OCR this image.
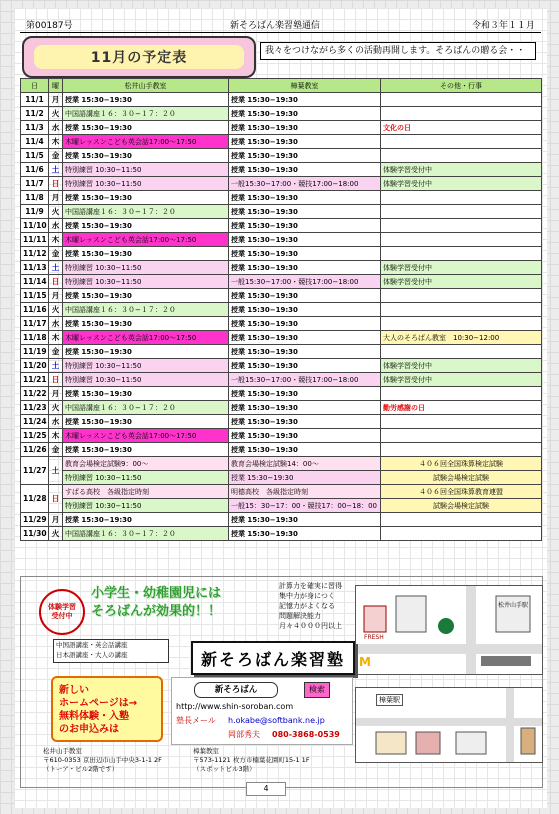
第00187号	新そろばん楽習塾通信	令和３年１１月
11月の予定表	我々をつけながら多くの活動再開します。そろばんの贈る会・・
日	曜	松井山手教室	樟葉教室	その他・行事
11/1	月	授業 15:30−19:30	授業 15:30−19:30	
11/2	火	中国語講座１６：３０−１７：２０	授業 15:30−19:30	
11/3	水	授業 15:30−19:30	授業 15:30−19:30	文化の日
11/4	木	木曜レッスンこども英会話17:00〜17:50	授業 15:30−19:30	
11/5	金	授業 15:30−19:30	授業 15:30−19:30	
11/6	土	特別練習 10:30−11:50	授業 15:30−19:30	体験学習受付中
11/7	日	特別練習 10:30−11:50	一般15:30−17:00・競技17:00−18:00	体験学習受付中
11/8	月	授業 15:30−19:30	授業 15:30−19:30	
11/9	火	中国語講座１６：３０−１７：２０	授業 15:30−19:30	
11/10	水	授業 15:30−19:30	授業 15:30−19:30	
11/11	木	木曜レッスンこども英会話17:00〜17:50	授業 15:30−19:30	
11/12	金	授業 15:30−19:30	授業 15:30−19:30	
11/13	土	特別練習 10:30−11:50	授業 15:30−19:30	体験学習受付中
11/14	日	特別練習 10:30−11:50	一般15:30−17:00・競技17:00−18:00	体験学習受付中
11/15	月	授業 15:30−19:30	授業 15:30−19:30	
11/16	火	中国語講座１６：３０−１７：２０	授業 15:30−19:30	
11/17	水	授業 15:30−19:30	授業 15:30−19:30	
11/18	木	木曜レッスンこども英会話17:00〜17:50	授業 15:30−19:30	大人のそろばん教室　10:30−12:00
11/19	金	授業 15:30−19:30	授業 15:30−19:30	
11/20	土	特別練習 10:30−11:50	授業 15:30−19:30	体験学習受付中
11/21	日	特別練習 10:30−11:50	一般15:30−17:00・競技17:00−18:00	体験学習受付中
11/22	月	授業 15:30−19:30	授業 15:30−19:30	
11/23	火	中国語講座１６：３０−１７：２０	授業 15:30−19:30	勤労感謝の日
11/24	水	授業 15:30−19:30	授業 15:30−19:30	
11/25	木	木曜レッスンこども英会話17:00〜17:50	授業 15:30−19:30	
11/26	金	授業 15:30−19:30	授業 15:30−19:30	
11/27	土	教育会場検定試験9：00〜	教育会場検定試験14：00〜	４０６回全国珠算検定試験
		特別練習 10:30−11:50	授業 15:30−19:30	試験会場検定試験
11/28	日	すばる高校　各級指定時刻	明德高校　各級指定時刻	４０６回全国珠算教育連盟
		特別練習 10:30−11:50	一般15：30−17：00・競技17：00−18：00	試験会場検定試験
11/29	月	授業 15:30−19:30	授業 15:30−19:30	
11/30	火	中国語講座１６：３０−１７：２０	授業 15:30−19:30	
体験学習
受付中
小学生・幼稚園児には
そろばんが効果的！！
計算力を確実に習得
集中力が身につく
記憶力がよくなる
問題解決能力
月々４０００円以上
M
松井山手駅
FRESH
樟葉駅
中国語講座・英会話講座
日本語講座・大人の講座	新そろばん楽習塾
新しい
ホームページは→
無料体験・入塾
のお申込みは
新そろばん	検索
http://www.shin-soroban.com
塾長メール h.okabe@softbank.ne.jp
岡部秀夫 080-3868-0539
松井山手教室
〒610-0353 京田辺市山手中央3-1-1 2F
（トーア・ビル2階です）
樟葉教室
〒573-1121 枚方市楠葉花園町15-1 1F
（スポットビル3階）
4
